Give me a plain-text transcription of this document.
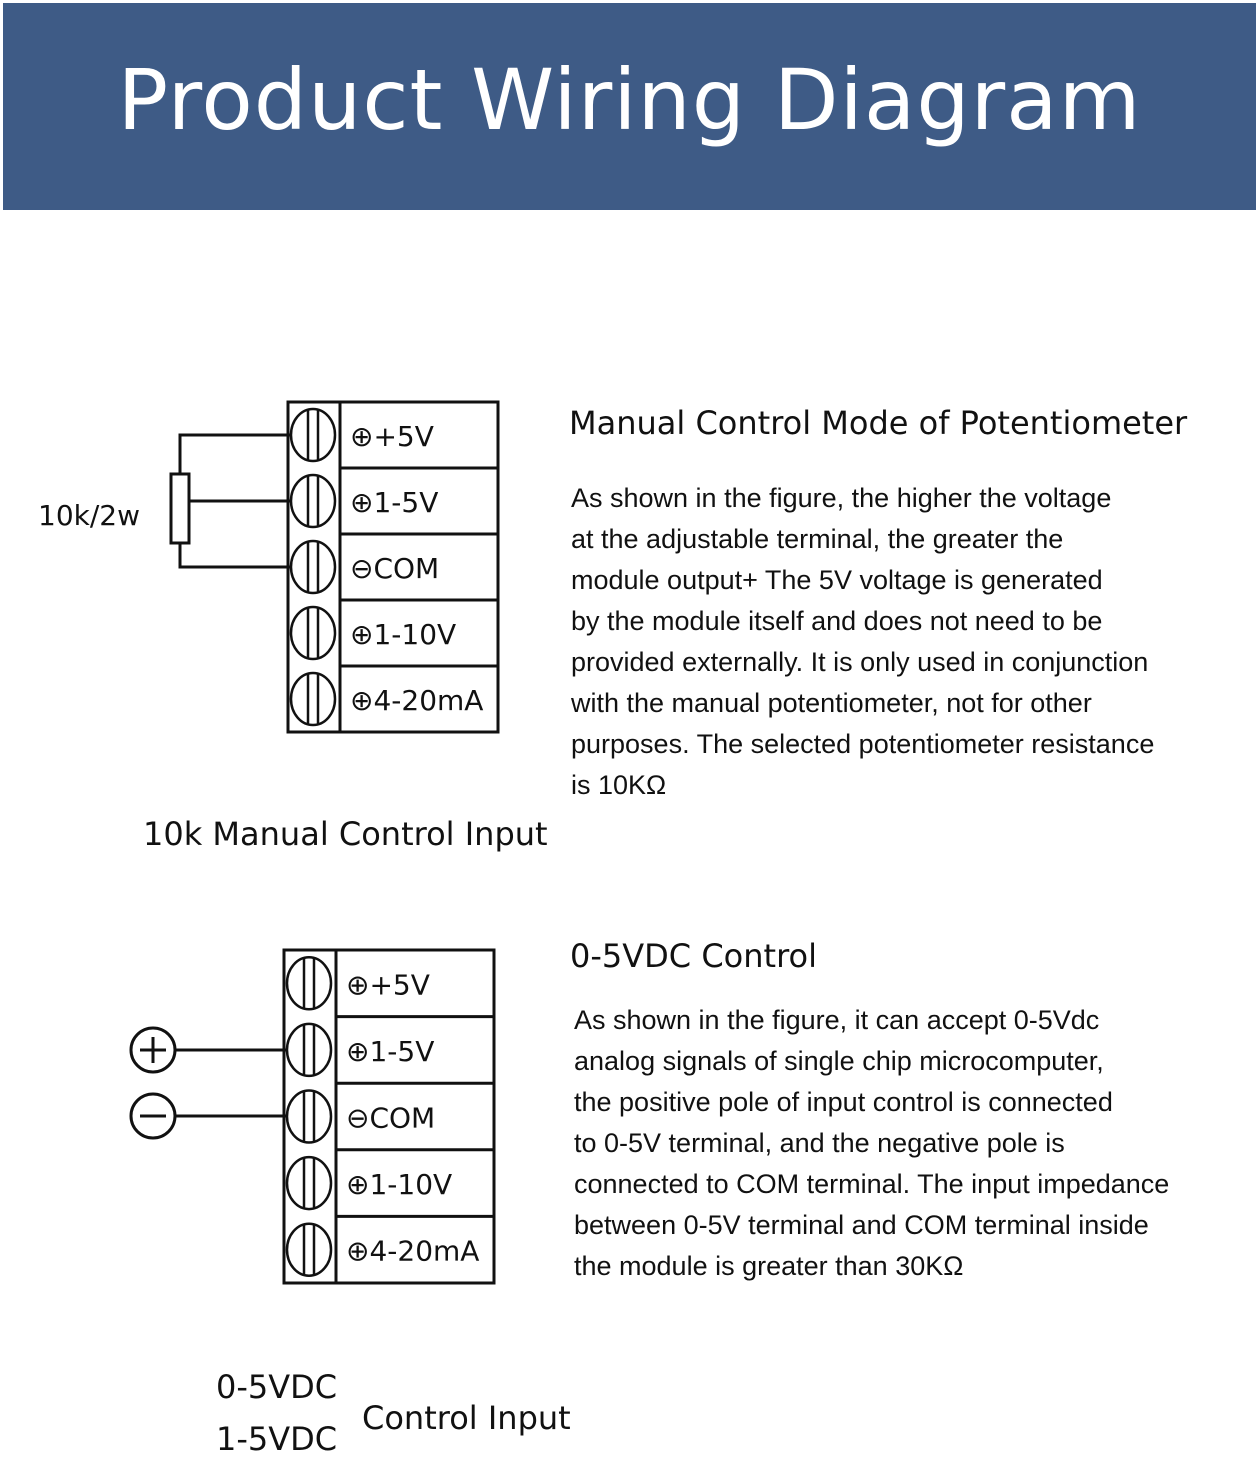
Product Wiring Diagram
⊕+5V
⊕1-5V
⊖COM
⊕1-10V
⊕4-20mA
⊕+5V
⊕1-5V
⊖COM
⊕1-10V
⊕4-20mA
10k/2w
Manual Control Mode of Potentiometer
As shown in the figure, the higher the voltage
at the adjustable terminal, the greater the
module output+ The 5V voltage is generated
by the module itself and does not need to be
provided externally. It is only used in conjunction
with the manual potentiometer, not for other
purposes. The selected potentiometer resistance
is 10KΩ
10k Manual Control Input
0-5VDC Control
As shown in the figure, it can accept 0-5Vdc
analog signals of single chip microcomputer,
the positive pole of input control is connected
to 0-5V terminal, and the negative pole is
connected to COM terminal. The input impedance
between 0-5V terminal and COM terminal inside
the module is greater than 30KΩ
0-5VDC
1-5VDC
Control Input
